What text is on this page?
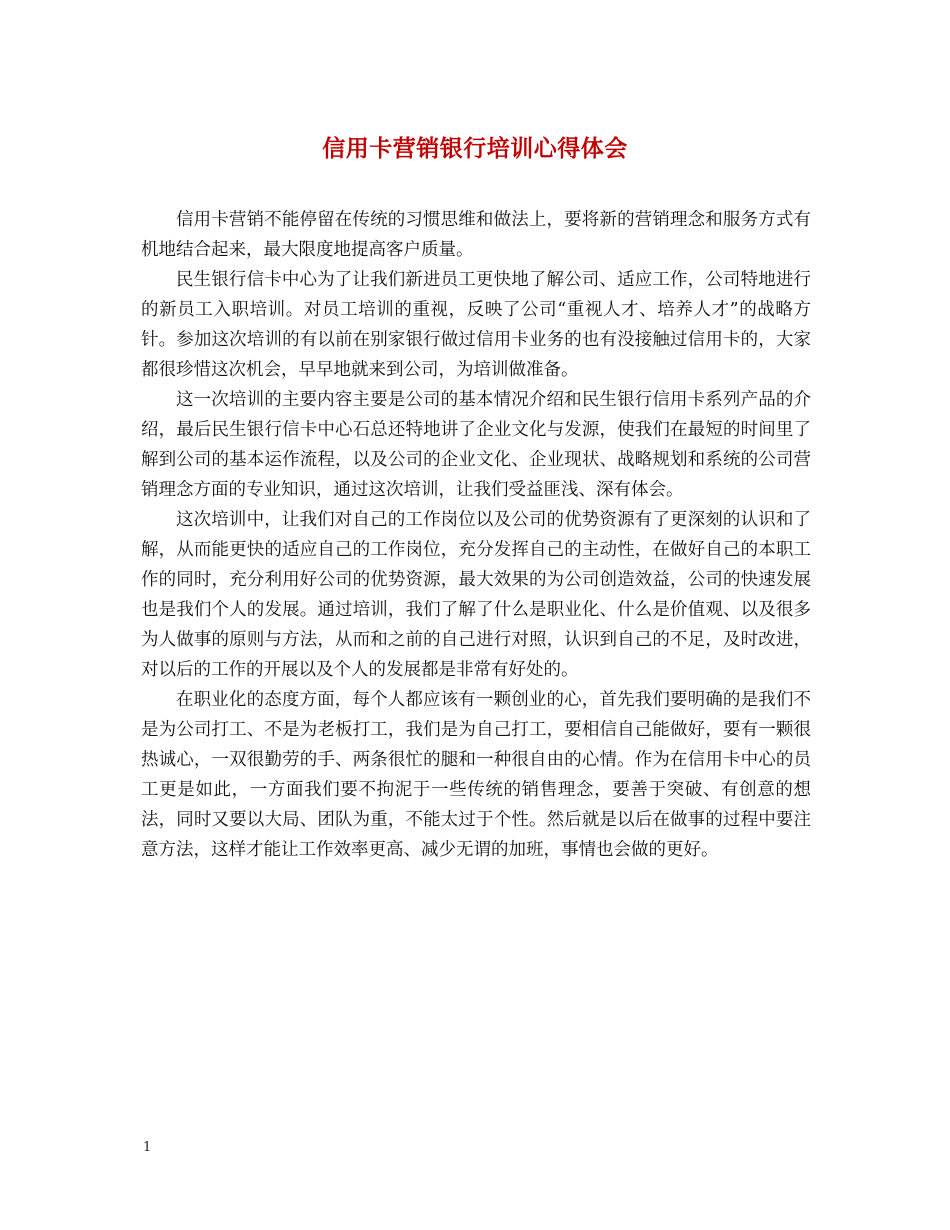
信用卡营销银行培训心得体会

信用卡营销不能停留在传统的习惯思维和做法上，要将新的营销理念和服务方式有机地结合起来，最大限度地提高客户质量。

民生银行信卡中心为了让我们新进员工更快地了解公司、适应工作，公司特地进行的新员工入职培训。对员工培训的重视，反映了公司“重视人才、培养人才”的战略方针。参加这次培训的有以前在别家银行做过信用卡业务的也有没接触过信用卡的，大家都很珍惜这次机会，早早地就来到公司，为培训做准备。

这一次培训的主要内容主要是公司的基本情况介绍和民生银行信用卡系列产品的介绍，最后民生银行信卡中心石总还特地讲了企业文化与发源，使我们在最短的时间里了解到公司的基本运作流程，以及公司的企业文化、企业现状、战略规划和系统的公司营销理念方面的专业知识，通过这次培训，让我们受益匪浅、深有体会。

这次培训中，让我们对自己的工作岗位以及公司的优势资源有了更深刻的认识和了解，从而能更快的适应自己的工作岗位，充分发挥自己的主动性，在做好自己的本职工作的同时，充分利用好公司的优势资源，最大效果的为公司创造效益，公司的快速发展也是我们个人的发展。通过培训，我们了解了什么是职业化、什么是价值观、以及很多为人做事的原则与方法，从而和之前的自己进行对照，认识到自己的不足，及时改进，对以后的工作的开展以及个人的发展都是非常有好处的。

在职业化的态度方面，每个人都应该有一颗创业的心，首先我们要明确的是我们不是为公司打工、不是为老板打工，我们是为自己打工，要相信自己能做好，要有一颗很热诚心，一双很勤劳的手、两条很忙的腿和一种很自由的心情。作为在信用卡中心的员工更是如此，一方面我们要不拘泥于一些传统的销售理念，要善于突破、有创意的想法，同时又要以大局、团队为重，不能太过于个性。然后就是以后在做事的过程中要注意方法，这样才能让工作效率更高、减少无谓的加班，事情也会做的更好。

1
